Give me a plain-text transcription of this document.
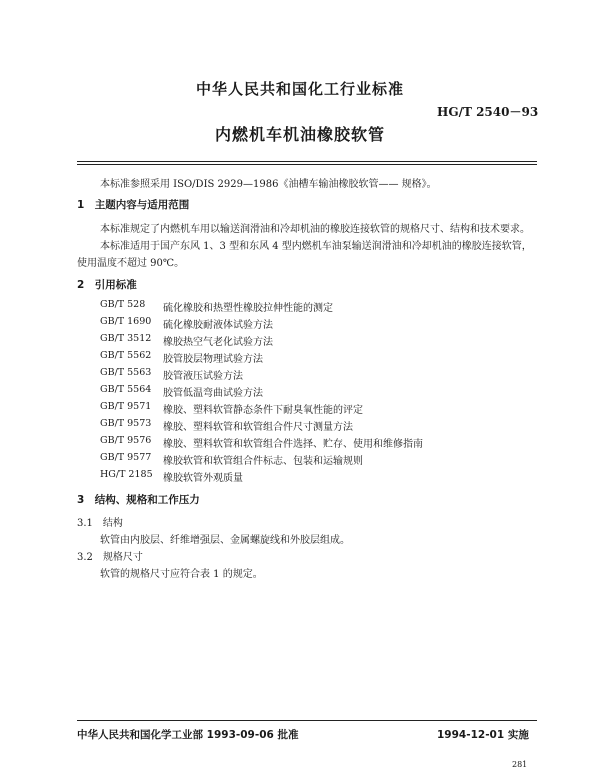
中华人民共和国化工行业标准
HG/T 2540－93
内燃机车机油橡胶软管
本标准参照采用 ISO/DIS 2929—1986《油槽车输油橡胶软管—— 规格》。
1　主题内容与适用范围
本标准规定了内燃机车用以输送润滑油和冷却机油的橡胶连接软管的规格尺寸、结构和技术要求。
本标准适用于国产东风 1、3 型和东风 4 型内燃机车油泵输送润滑油和冷却机油的橡胶连接软管，
使用温度不超过 90℃。
2　引用标准
GB/T 528 硫化橡胶和热塑性橡胶拉伸性能的测定
GB/T 1690 硫化橡胶耐液体试验方法
GB/T 3512 橡胶热空气老化试验方法
GB/T 5562 胶管胶层物理试验方法
GB/T 5563 胶管液压试验方法
GB/T 5564 胶管低温弯曲试验方法
GB/T 9571 橡胶、塑料软管静态条件下耐臭氧性能的评定
GB/T 9573 橡胶、塑料软管和软管组合件尺寸测量方法
GB/T 9576 橡胶、塑料软管和软管组合件选择、贮存、使用和维修指南
GB/T 9577 橡胶软管和软管组合件标志、包装和运输规则
HG/T 2185 橡胶软管外观质量
3　结构、规格和工作压力
3.1　结构
软管由内胶层、纤维增强层、金属螺旋线和外胶层组成。
3.2　规格尺寸
软管的规格尺寸应符合表 1 的规定。
中华人民共和国化学工业部 1993-09-06 批准	1994-12-01 实施
281
